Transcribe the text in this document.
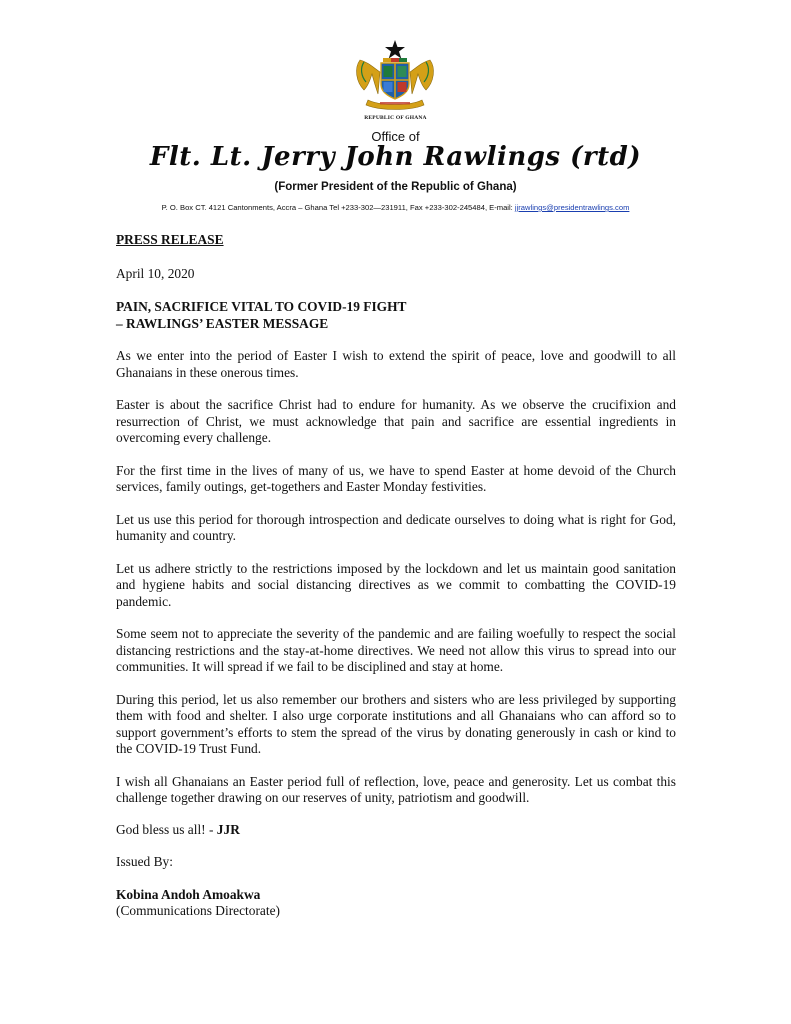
REPUBLIC OF GHANA
Office of
Flt. Lt. Jerry John Rawlings (rtd)
(Former President of the Republic of Ghana)
P. O. Box CT. 4121 Cantonments, Accra – Ghana Tel +233-302—231911, Fax +233-302-245484, E-mail: jjrawlings@presidentrawlings.com

PRESS RELEASE

April 10, 2020

PAIN, SACRIFICE VITAL TO COVID-19 FIGHT
– RAWLINGS’ EASTER MESSAGE

As we enter into the period of Easter I wish to extend the spirit of peace, love and goodwill to all Ghanaians in these onerous times.

Easter is about the sacrifice Christ had to endure for humanity. As we observe the crucifixion and resurrection of Christ, we must acknowledge that pain and sacrifice are essential ingredients in overcoming every challenge.

For the first time in the lives of many of us, we have to spend Easter at home devoid of the Church services, family outings, get-togethers and Easter Monday festivities.

Let us use this period for thorough introspection and dedicate ourselves to doing what is right for God, humanity and country.

Let us adhere strictly to the restrictions imposed by the lockdown and let us maintain good sanitation and hygiene habits and social distancing directives as we commit to combatting the COVID-19 pandemic.

Some seem not to appreciate the severity of the pandemic and are failing woefully to respect the social distancing restrictions and the stay-at-home directives. We need not allow this virus to spread into our communities. It will spread if we fail to be disciplined and stay at home.

During this period, let us also remember our brothers and sisters who are less privileged by supporting them with food and shelter. I also urge corporate institutions and all Ghanaians who can afford so to support government’s efforts to stem the spread of the virus by donating generously in cash or kind to the COVID-19 Trust Fund.

I wish all Ghanaians an Easter period full of reflection, love, peace and generosity. Let us combat this challenge together drawing on our reserves of unity, patriotism and goodwill.

God bless us all! - JJR

Issued By:

Kobina Andoh Amoakwa
(Communications Directorate)
